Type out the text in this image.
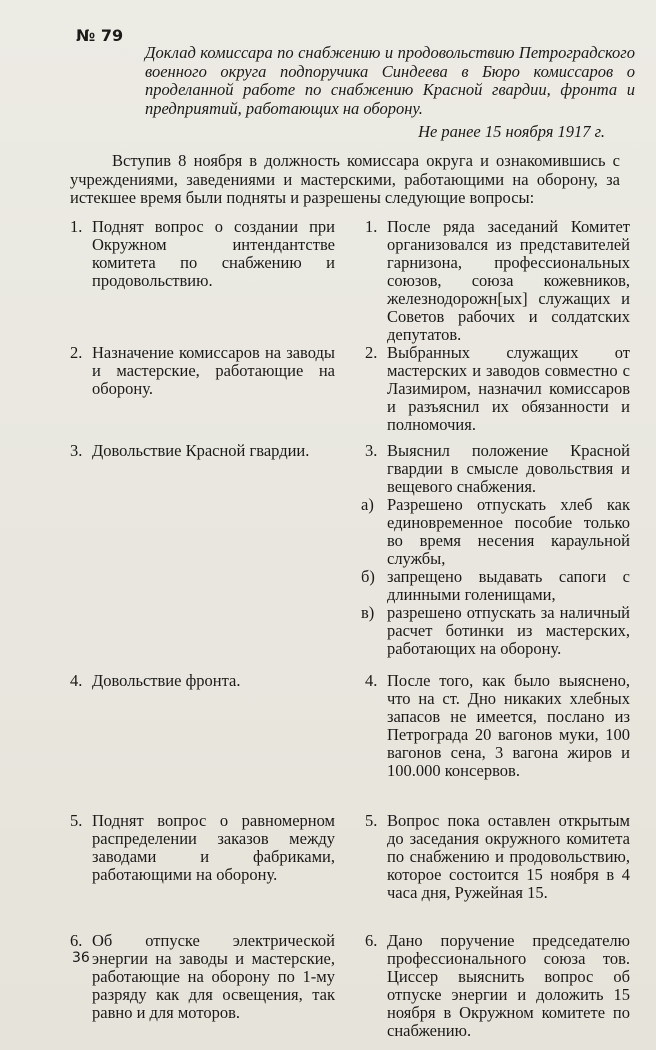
№ 79
Доклад комиссара по снабжению и продовольствию Петроградского военного округа подпоручика Синдеева в Бюро комиссаров о проделанной работе по снабжению Красной гвардии, фронта и предприятий, работающих на оборону.
Не ранее 15 ноября 1917 г.
Вступив 8 ноября в должность комиссара округа и ознакомившись с учреждениями, заведениями и мастерскими, работающими на оборону, за истекшее время были подняты и разрешены следующие вопросы:
1. Поднят вопрос о создании при Окружном интендантстве комитета по снабжению и продовольствию.
1. После ряда заседаний Комитет организовался из представителей гарнизона, профессиональных союзов, союза кожевников, железнодорожн[ых] служащих и Советов рабочих и солдатских депутатов.
2. Назначение комиссаров на заводы и мастерские, работающие на оборону.
2. Выбранных служащих от мастерских и заводов совместно с Лазимиром, назначил комиссаров и разъяснил их обязанности и полномочия.
3. Довольствие Красной гвардии.	3. Выяснил положение Красной гвардии в смысле довольствия и вещевого снабжения.
а) Разрешено отпускать хлеб как единовременное пособие только во время несения караульной службы,
б) запрещено выдавать сапоги с длинными голенищами,
в) разрешено отпускать за наличный расчет ботинки из мастерских, работающих на оборону.
4. Довольствие фронта.	4. После того, как было выяснено, что на ст. Дно никаких хлебных запасов не имеется, послано из Петрограда 20 вагонов муки, 100 вагонов сена, 3 вагона жиров и 100.000 консервов.
5. Поднят вопрос о равномерном распределении заказов между заводами и фабриками, работающими на оборону.
5. Вопрос пока оставлен открытым до заседания окружного комитета по снабжению и продовольствию, которое состоится 15 ноября в 4 часа дня, Ружейная 15.
6. Об отпуске электрической энергии на заводы и мастерские, работающие на оборону по 1-му разряду как для освещения, так равно и для моторов.
6. Дано поручение председателю профессионального союза тов. Циссер выяснить вопрос об отпуске энергии и доложить 15 ноября в Окружном комитете по снабжению.
36
